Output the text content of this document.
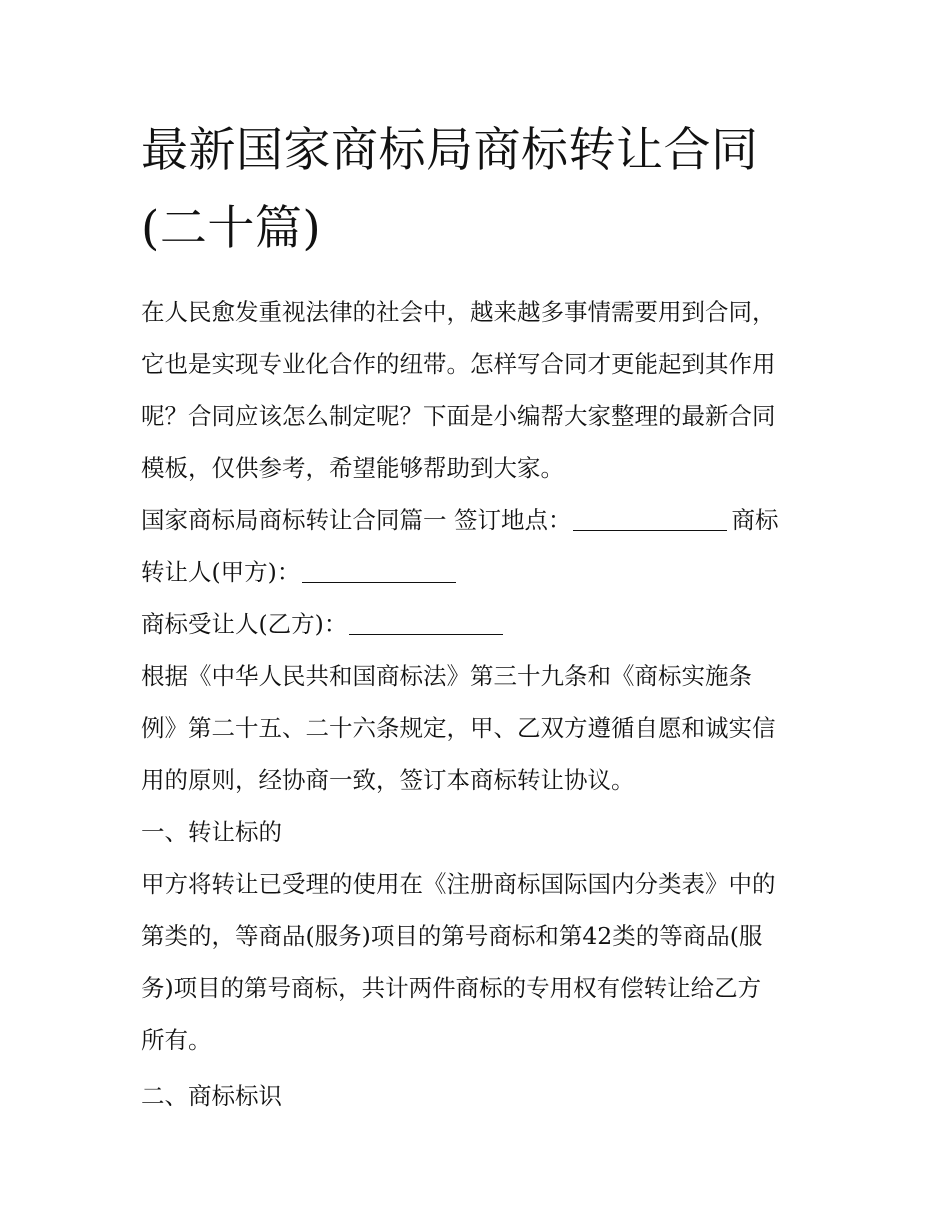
最新国家商标局商标转让合同
(二十篇)
在人民愈发重视法律的社会中，越来越多事情需要用到合同，
它也是实现专业化合作的纽带。怎样写合同才更能起到其作用
呢？合同应该怎么制定呢？下面是小编帮大家整理的最新合同
模板，仅供参考，希望能够帮助到大家。
国家商标局商标转让合同篇一 签订地点：	商标
转让人(甲方)：
商标受让人(乙方)：
根据《中华人民共和国商标法》第三十九条和《商标实施条
例》第二十五、二十六条规定，甲、乙双方遵循自愿和诚实信
用的原则，经协商一致，签订本商标转让协议。
一、转让标的
甲方将转让已受理的使用在《注册商标国际国内分类表》中的
第类的，等商品(服务)项目的第号商标和第42类的等商品(服
务)项目的第号商标，共计两件商标的专用权有偿转让给乙方
所有。
二、商标标识
